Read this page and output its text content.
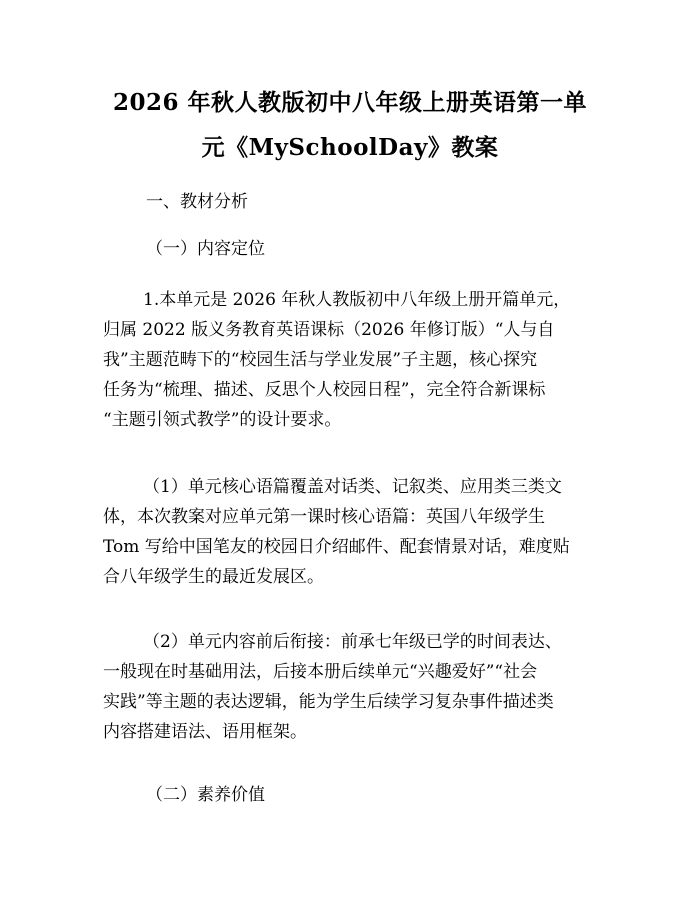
2026 年秋人教版初中八年级上册英语第一单
元《MySchoolDay》教案
一、教材分析
（一）内容定位
1.本单元是 2026 年秋人教版初中八年级上册开篇单元，
归属 2022 版义务教育英语课标（2026 年修订版）“人与自
我”主题范畴下的“校园生活与学业发展”子主题，核心探究
任务为“梳理、描述、反思个人校园日程”，完全符合新课标
“主题引领式教学”的设计要求。
（1）单元核心语篇覆盖对话类、记叙类、应用类三类文
体，本次教案对应单元第一课时核心语篇：英国八年级学生
Tom 写给中国笔友的校园日介绍邮件、配套情景对话，难度贴
合八年级学生的最近发展区。
（2）单元内容前后衔接：前承七年级已学的时间表达、
一般现在时基础用法，后接本册后续单元“兴趣爱好”“社会
实践”等主题的表达逻辑，能为学生后续学习复杂事件描述类
内容搭建语法、语用框架。
（二）素养价值
